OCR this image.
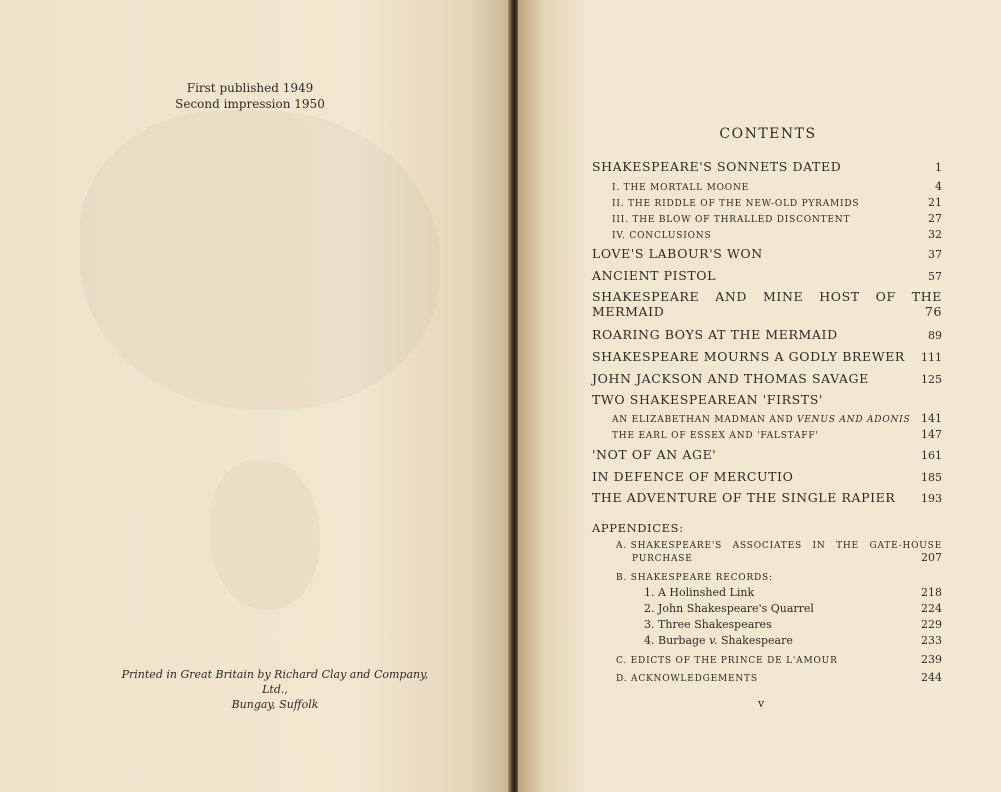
First published 1949
Second impression 1950
Printed in Great Britain by Richard Clay and Company, Ltd.,
Bungay, Suffolk
CONTENTS
SHAKESPEARE'S SONNETS DATED	1
I. THE MORTALL MOONE	4
II. THE RIDDLE OF THE NEW-OLD PYRAMIDS	21
III. THE BLOW OF THRALLED DISCONTENT	27
IV. CONCLUSIONS	32
LOVE'S LABOUR'S WON	37
ANCIENT PISTOL	57
SHAKESPEARE AND MINE HOST OF THE
MERMAID	76
ROARING BOYS AT THE MERMAID	89
SHAKESPEARE MOURNS A GODLY BREWER 111
JOHN JACKSON AND THOMAS SAVAGE	125
TWO SHAKESPEAREAN 'FIRSTS'
AN ELIZABETHAN MADMAN AND VENUS AND ADONIS 141
THE EARL OF ESSEX AND 'FALSTAFF'	147
'NOT OF AN AGE'	161
IN DEFENCE OF MERCUTIO	185
THE ADVENTURE OF THE SINGLE RAPIER 193
APPENDICES:
A. SHAKESPEARE'S ASSOCIATES IN THE GATE-HOUSE
PURCHASE	207
B. SHAKESPEARE RECORDS:
1. A Holinshed Link	218
2. John Shakespeare's Quarrel	224
3. Three Shakespeares	229
4. Burbage v. Shakespeare	233
C. EDICTS OF THE PRINCE DE L'AMOUR	239
D. ACKNOWLEDGEMENTS	244
v
